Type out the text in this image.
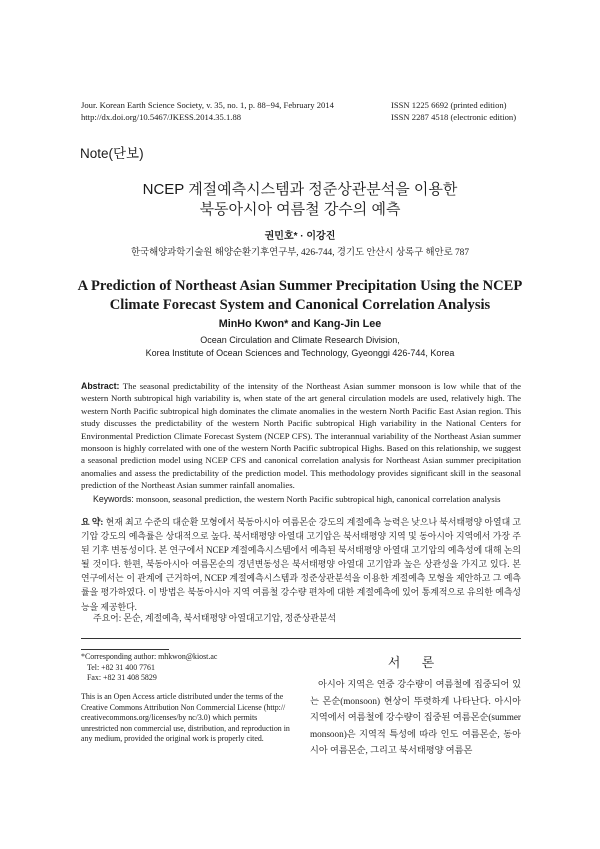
Jour. Korean Earth Science Society, v. 35, no. 1, p. 88−94, February 2014
http://dx.doi.org/10.5467/JKESS.2014.35.1.88
ISSN 1225 6692 (printed edition)
ISSN 2287 4518 (electronic edition)
Note(단보)
NCEP 계절예측시스템과 정준상관분석을 이용한
북동아시아 여름철 강수의 예측
권민호* · 이강진
한국해양과학기술원 해양순환기후연구부, 426-744, 경기도 안산시 상록구 해안로 787
A Prediction of Northeast Asian Summer Precipitation Using the NCEP
Climate Forecast System and Canonical Correlation Analysis
MinHo Kwon* and Kang-Jin Lee
Ocean Circulation and Climate Research Division,
Korea Institute of Ocean Sciences and Technology, Gyeonggi 426-744, Korea
Abstract: The seasonal predictability of the intensity of the Northeast Asian summer monsoon is low while that of the western North subtropical high variability is, when state of the art general circulation models are used, relatively high. The western North Pacific subtropical high dominates the climate anomalies in the western North Pacific East Asian region. This study discusses the predictability of the western North Pacific subtropical High variability in the National Centers for Environmental Prediction Climate Forecast System (NCEP CFS). The interannual variability of the Northeast Asian summer monsoon is highly correlated with one of the western North Pacific subtropical Highs. Based on this relationship, we suggest a seasonal prediction model using NCEP CFS and canonical correlation analysis for Northeast Asian summer precipitation anomalies and assess the predictability of the prediction model. This methodology provides significant skill in the seasonal prediction of the Northeast Asian summer rainfall anomalies.
Keywords: monsoon, seasonal prediction, the western North Pacific subtropical high, canonical correlation analysis
요 약: 현재 최고 수준의 대순환 모형에서 북동아시아 여름몬순 강도의 계절예측 능력은 낮으나 북서태평양 아열대 고기압 강도의 예측률은 상대적으로 높다. 북서태평양 아열대 고기압은 북서태평양 지역 및 동아시아 지역에서 가장 주된 기후 변동성이다. 본 연구에서 NCEP 계절예측시스템에서 예측된 북서태평양 아열대 고기압의 예측성에 대해 논의될 것이다. 한편, 북동아시아 여름몬순의 경년변동성은 북서태평양 아열대 고기압과 높은 상관성을 가지고 있다. 본 연구에서는 이 관계에 근거하여, NCEP 계절예측시스템과 정준상관분석을 이용한 계절예측 모형을 제안하고 그 예측률을 평가하였다. 이 방법은 북동아시아 지역 여름철 강수량 편차에 대한 계절예측에 있어 통계적으로 유의한 예측성능을 제공한다.
주요어: 몬순, 계절예측, 북서태평양 아열대고기압, 정준상관분석
*Corresponding author: mhkwon@kiost.ac
Tel: +82 31 400 7761
Fax: +82 31 408 5829
This is an Open Access article distributed under the terms of the Creative Commons Attribution Non Commercial License (http:// creativecommons.org/licenses/by nc/3.0) which permits unrestricted non commercial use, distribution, and reproduction in any medium, provided the original work is properly cited.
서 론
아시아 지역은 연중 강수량이 여름철에 집중되어 있는 몬순(monsoon) 현상이 뚜렷하게 나타난다. 아시아 지역에서 여름철에 강수량이 집중된 여름몬순(summer monsoon)은 지역적 특성에 따라 인도 여름몬순, 동아시아 여름몬순, 그리고 북서태평양 여름몬
